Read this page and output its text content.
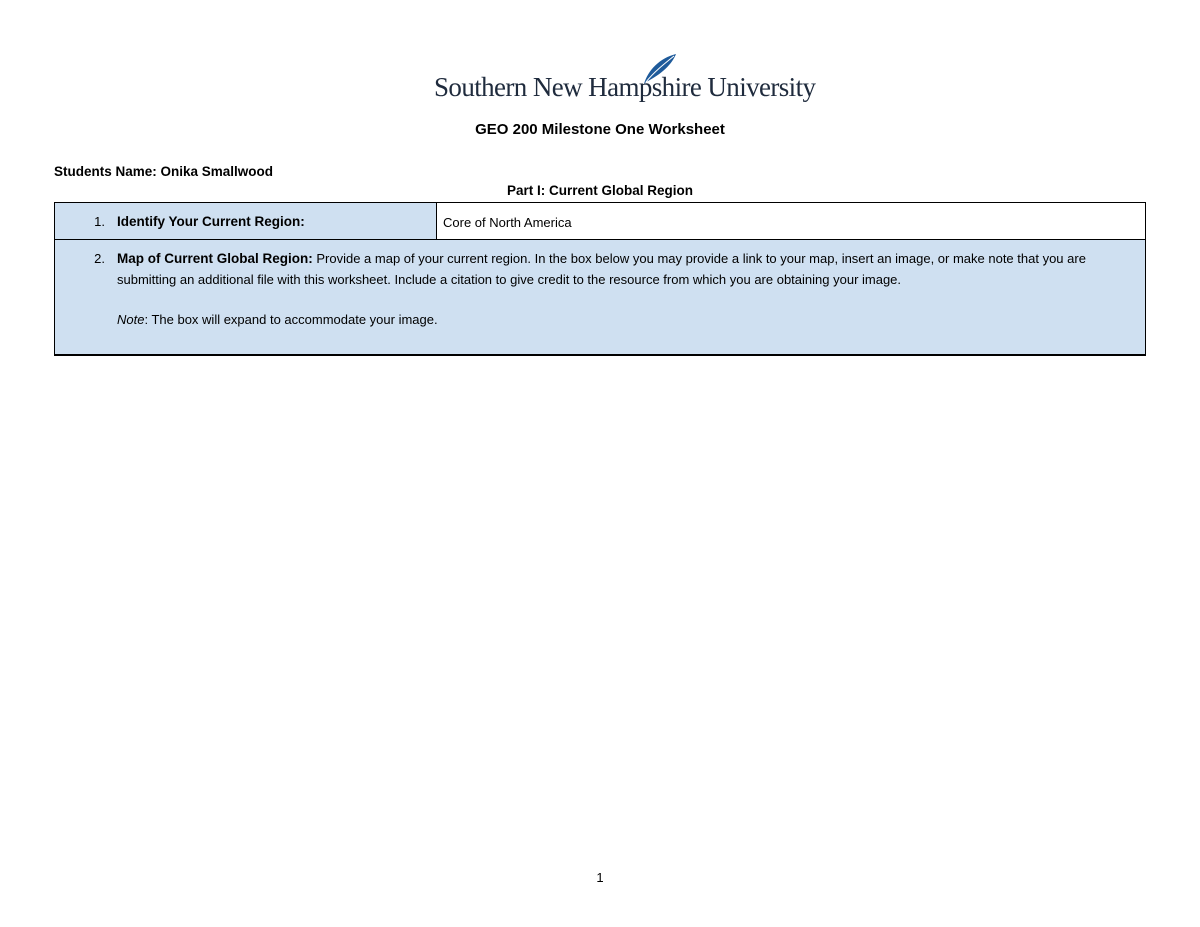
Southern New Hampshire University
GEO 200 Milestone One Worksheet
Students Name: Onika Smallwood
Part I: Current Global Region
1. Identify Your Current Region:	Core of North America

2. Map of Current Global Region: Provide a map of your current region. In the box below you may provide a link to your map, insert an image, or make note that you are submitting an additional file with this worksheet. Include a citation to give credit to the resource from which you are obtaining your image.
Note: The box will expand to accommodate your image.
1
